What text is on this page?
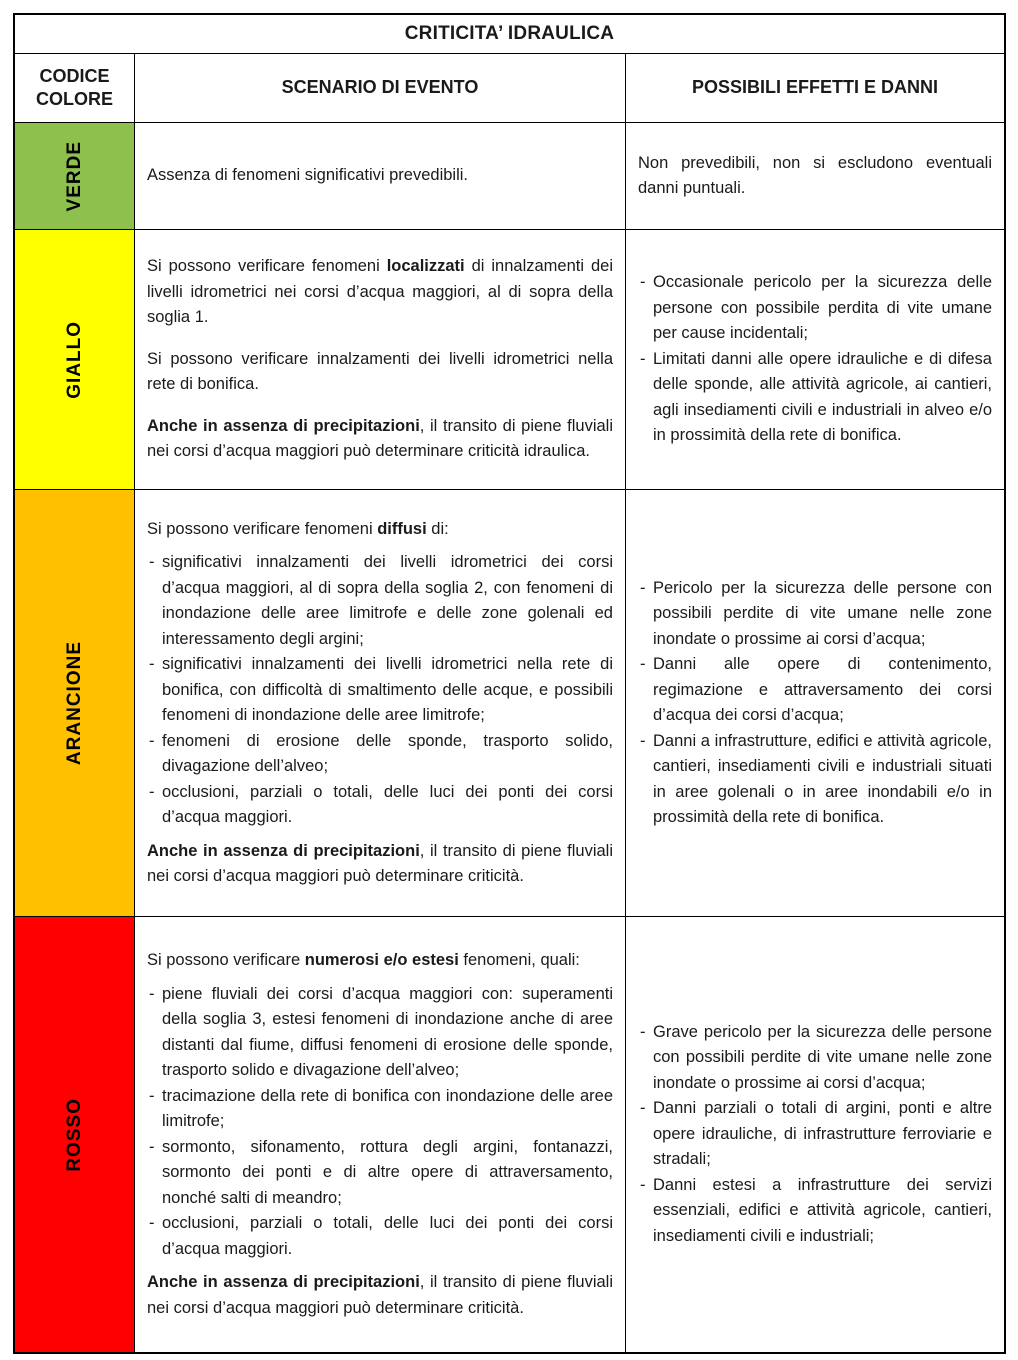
CRITICITA’ IDRAULICA
CODICE COLORE
SCENARIO DI EVENTO	POSSIBILI EFFETTI E DANNI
VERDE	Assenza di fenomeni significativi prevedibili.

Non prevedibili, non si escludono eventuali danni puntuali.

GIALLO

Si possono verificare fenomeni localizzati di innalzamenti dei livelli idrometrici nei corsi d’acqua maggiori, al di sopra della soglia 1.

Si possono verificare innalzamenti dei livelli idrometrici nella rete di bonifica.

Anche in assenza di precipitazioni, il transito di piene fluviali nei corsi d’acqua maggiori può determinare criticità idraulica.

- Occasionale pericolo per la sicurezza delle persone con possibile perdita di vite umane per cause incidentali;

- Limitati danni alle opere idrauliche e di difesa delle sponde, alle attività agricole, ai cantieri, agli insediamenti civili e industriali in alveo e/o in prossimità della rete di bonifica.

ARANCIONE

Si possono verificare fenomeni diffusi di:

- significativi innalzamenti dei livelli idrometrici dei corsi d’acqua maggiori, al di sopra della soglia 2, con fenomeni di inondazione delle aree limitrofe e delle zone golenali ed interessamento degli argini;

- significativi innalzamenti dei livelli idrometrici nella rete di bonifica, con difficoltà di smaltimento delle acque, e possibili fenomeni di inondazione delle aree limitrofe;

- fenomeni di erosione delle sponde, trasporto solido, divagazione dell’alveo;

- occlusioni, parziali o totali, delle luci dei ponti dei corsi d’acqua maggiori.

Anche in assenza di precipitazioni, il transito di piene fluviali nei corsi d’acqua maggiori può determinare criticità.

- Pericolo per la sicurezza delle persone con possibili perdite di vite umane nelle zone inondate o prossime ai corsi d’acqua;

- Danni alle opere di contenimento, regimazione e attraversamento dei corsi d’acqua dei corsi d’acqua;

- Danni a infrastrutture, edifici e attività agricole, cantieri, insediamenti civili e industriali situati in aree golenali o in aree inondabili e/o in prossimità della rete di bonifica.

ROSSO

Si possono verificare numerosi e/o estesi fenomeni, quali:

- piene fluviali dei corsi d’acqua maggiori con: superamenti della soglia 3, estesi fenomeni di inondazione anche di aree distanti dal fiume, diffusi fenomeni di erosione delle sponde, trasporto solido e divagazione dell’alveo;

- tracimazione della rete di bonifica con inondazione delle aree limitrofe;

- sormonto, sifonamento, rottura degli argini, fontanazzi, sormonto dei ponti e di altre opere di attraversamento, nonché salti di meandro;

- occlusioni, parziali o totali, delle luci dei ponti dei corsi d’acqua maggiori.

Anche in assenza di precipitazioni, il transito di piene fluviali nei corsi d’acqua maggiori può determinare criticità.

- Grave pericolo per la sicurezza delle persone con possibili perdite di vite umane nelle zone inondate o prossime ai corsi d’acqua;

- Danni parziali o totali di argini, ponti e altre opere idrauliche, di infrastrutture ferroviarie e stradali;

- Danni estesi a infrastrutture dei servizi essenziali, edifici e attività agricole, cantieri, insediamenti civili e industriali;
